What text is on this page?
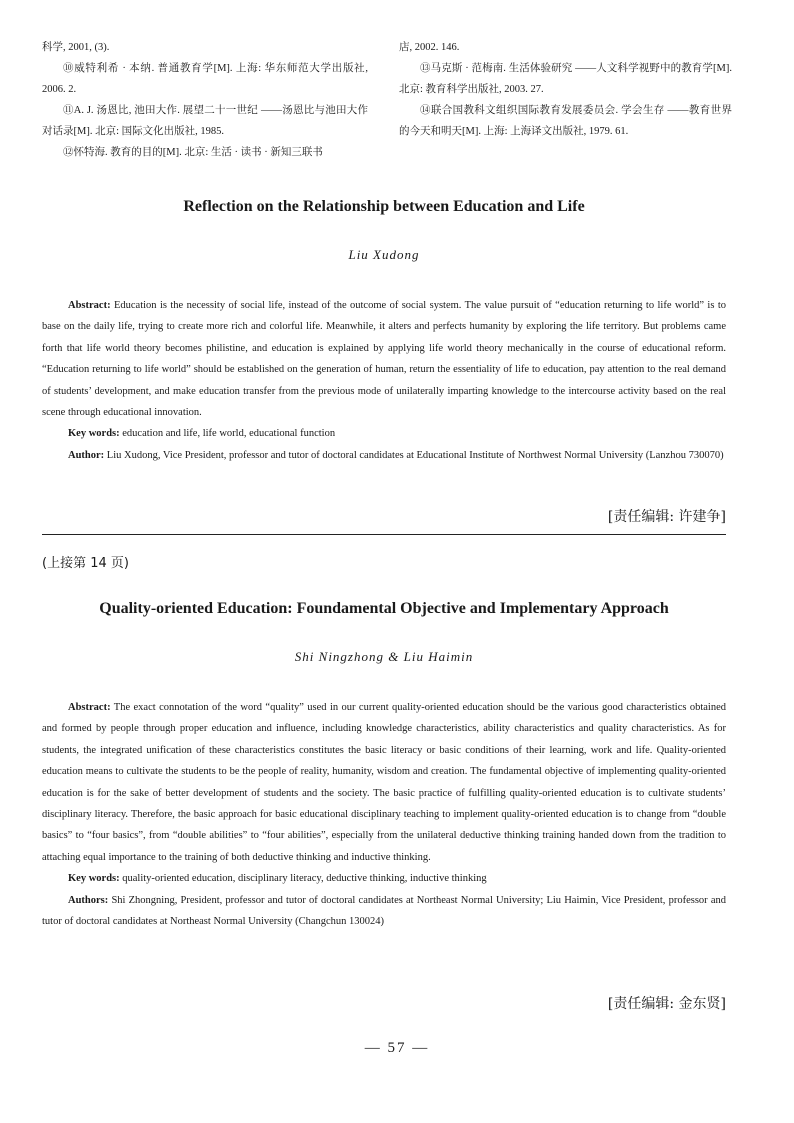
科学, 2001, (3).

⑩威特利希 · 本纳. 普通教育学[M]. 上海: 华东师范大学出版社, 2006. 2.

⑪A. J. 汤恩比, 池田大作. 展望二十一世纪 ——汤恩比与池田大作对话录[M]. 北京: 国际文化出版社, 1985.

⑫怀特海. 教育的目的[M]. 北京: 生活 · 读书 · 新知三联书

店, 2002. 146.

⑬马克斯 · 范梅南. 生活体验研究 ——人文科学视野中的教育学[M]. 北京: 教育科学出版社, 2003. 27.

⑭联合国教科文组织国际教育发展委员会. 学会生存 ——教育世界的今天和明天[M]. 上海: 上海译文出版社, 1979. 61.

Reflection on the Relationship between Education and Life

Liu Xudong

Abstract: Education is the necessity of social life, instead of the outcome of social system. The value pursuit of “education returning to life world” is to base on the daily life, trying to create more rich and colorful life. Meanwhile, it alters and perfects humanity by exploring the life territory. But problems came forth that life world theory becomes philistine, and education is explained by applying life world theory mechanically in the course of educational reform. “Education returning to life world” should be established on the generation of human, return the essentiality of life to education, pay attention to the real demand of students’ development, and make education transfer from the previous mode of unilaterally imparting knowledge to the intercourse activity based on the real scene through educational innovation.

Key words: education and life, life world, educational function

Author: Liu Xudong, Vice President, professor and tutor of doctoral candidates at Educational Institute of Northwest Normal University (Lanzhou 730070)

[责任编辑: 许建争]
(上接第 14 页)
Quality-oriented Education: Foundamental Objective and Implementary Approach

Shi Ningzhong & Liu Haimin

Abstract: The exact connotation of the word “quality” used in our current quality-oriented education should be the various good characteristics obtained and formed by people through proper education and influence, including knowledge characteristics, ability characteristics and quality characteristics. As for students, the integrated unification of these characteristics constitutes the basic literacy or basic conditions of their learning, work and life. Quality-oriented education means to cultivate the students to be the people of reality, humanity, wisdom and creation. The fundamental objective of implementing quality-oriented education is for the sake of better development of students and the society. The basic practice of fulfilling quality-oriented education is to cultivate students’ disciplinary literacy. Therefore, the basic approach for basic educational disciplinary teaching to implement quality-oriented education is to change from “double basics” to “four basics”, from “double abilities” to “four abilities”, especially from the unilateral deductive thinking training handed down from the tradition to attaching equal importance to the training of both deductive thinking and inductive thinking.

Key words: quality-oriented education, disciplinary literacy, deductive thinking, inductive thinking

Authors: Shi Zhongning, President, professor and tutor of doctoral candidates at Northeast Normal University; Liu Haimin, Vice President, professor and tutor of doctoral candidates at Northeast Normal University (Changchun 130024)

[责任编辑: 金东贤]
— 57 —
